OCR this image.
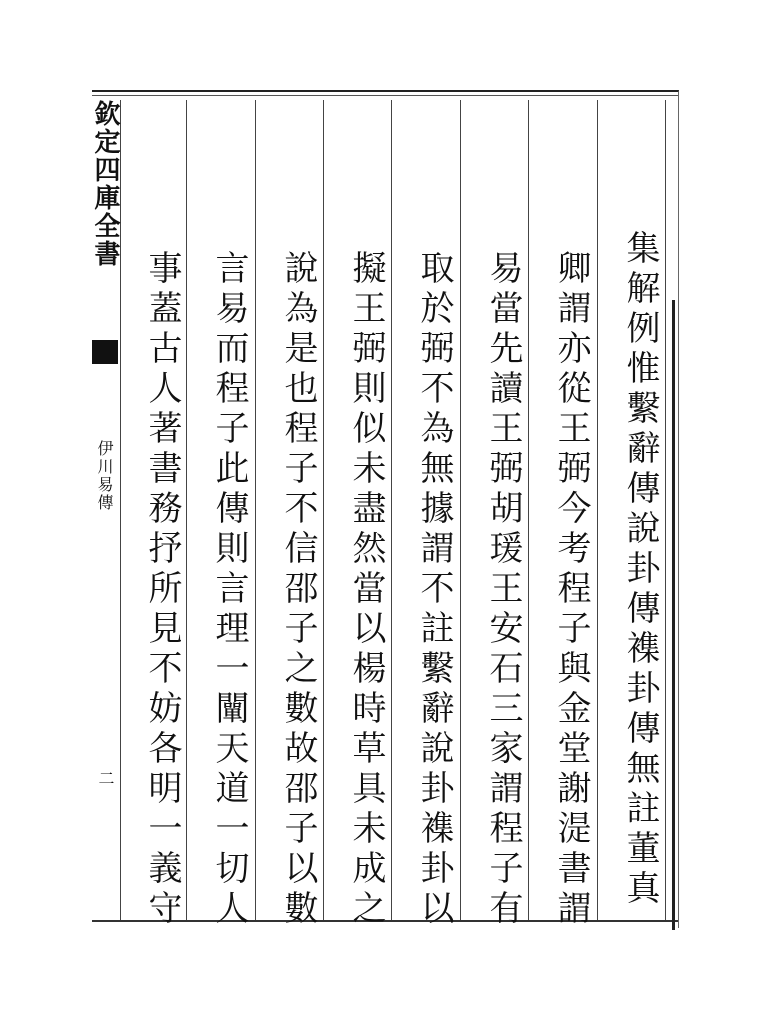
欽定四庫全書
伊川易傳
二	集解例惟繫辭傳說卦傳襍卦傳無註董真
卿謂亦從王弼今考程子與金堂謝湜書謂
易當先讀王弼胡瑗王安石三家謂程子有
取於弼不為無據謂不註繫辭說卦襍卦以
擬王弼則似未盡然當以楊時草具未成之
說為是也程子不信邵子之數故邵子以數
言易而程子此傳則言理一闡天道一切人
事蓋古人著書務抒所見不妨各明一義守
